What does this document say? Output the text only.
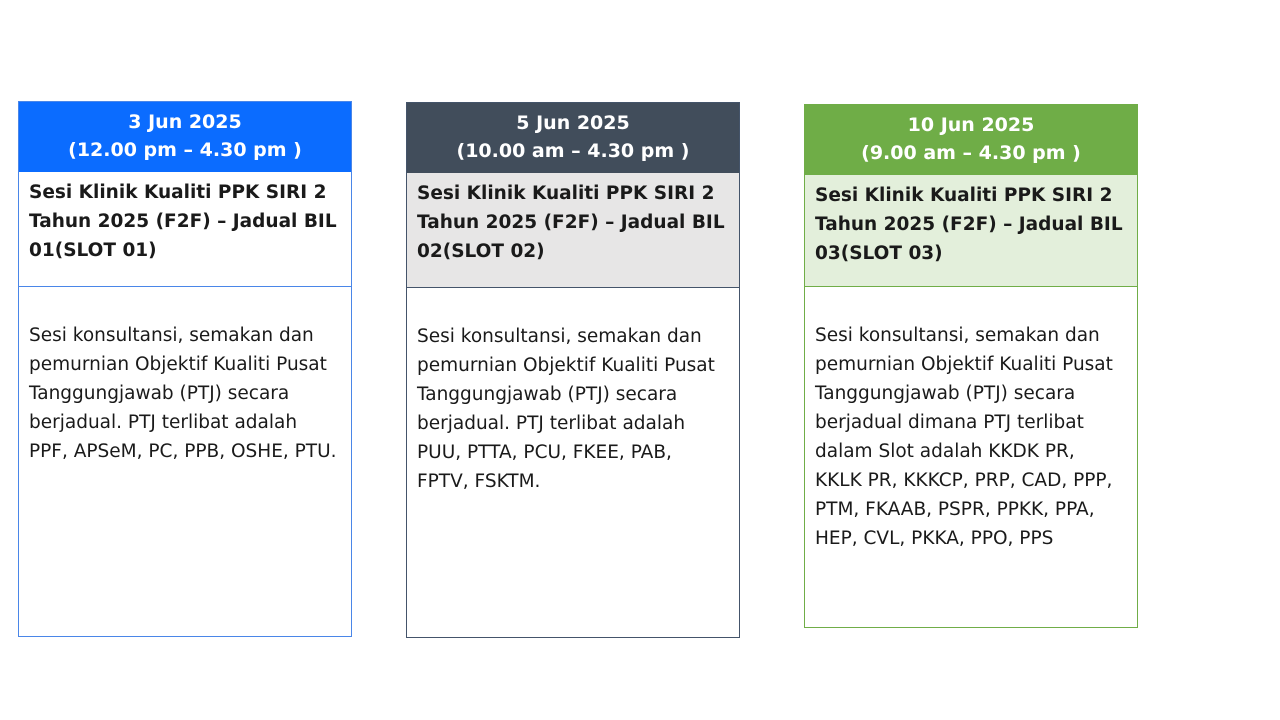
3 Jun 2025
(12.00 pm – 4.30 pm )
Sesi Klinik Kualiti PPK SIRI 2 Tahun 2025 (F2F) – Jadual BIL 01(SLOT 01)
Sesi konsultansi, semakan dan pemurnian Objektif Kualiti Pusat Tanggungjawab (PTJ) secara berjadual. PTJ terlibat adalah PPF, APSeM, PC, PPB, OSHE, PTU.
5 Jun 2025
(10.00 am – 4.30 pm )
Sesi Klinik Kualiti PPK SIRI 2 Tahun 2025 (F2F) – Jadual BIL 02(SLOT 02)
Sesi konsultansi, semakan dan pemurnian Objektif Kualiti Pusat Tanggungjawab (PTJ) secara berjadual. PTJ terlibat adalah PUU, PTTA, PCU, FKEE, PAB, FPTV, FSKTM.
10 Jun 2025
(9.00 am – 4.30 pm )
Sesi Klinik Kualiti PPK SIRI 2 Tahun 2025 (F2F) – Jadual BIL 03(SLOT 03)
Sesi konsultansi, semakan dan pemurnian Objektif Kualiti Pusat Tanggungjawab (PTJ) secara berjadual dimana PTJ terlibat dalam Slot adalah KKDK PR, KKLK PR, KKKCP, PRP, CAD, PPP, PTM, FKAAB, PSPR, PPKK, PPA, HEP, CVL, PKKA, PPO, PPS
